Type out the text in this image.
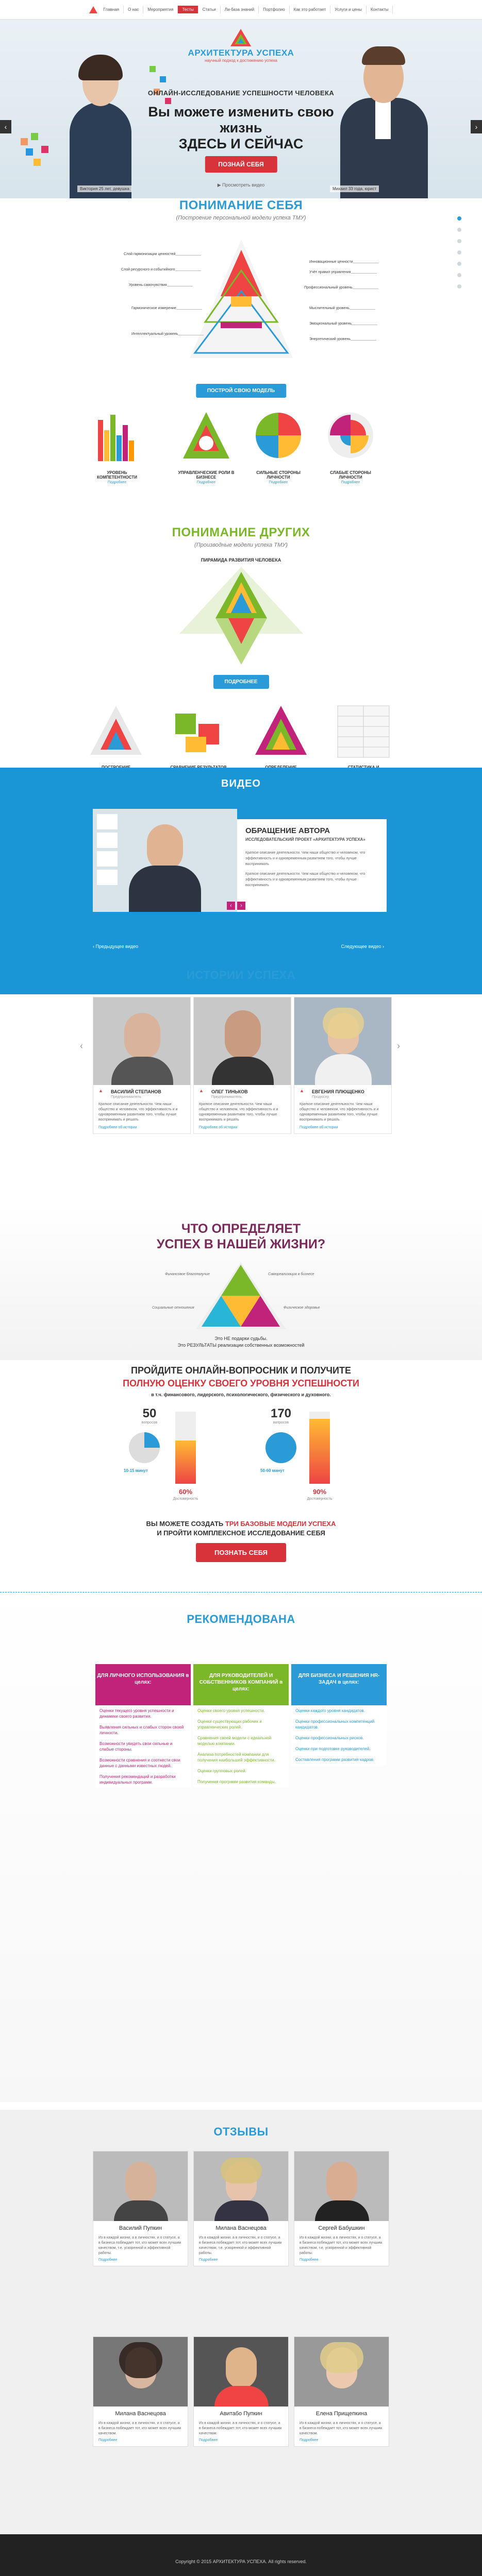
Главная О нас Мероприятия Тесты Статьи Ли-база знаний Портфолио Как это работает Услуги и цены Контакты
АРХИТЕКТУРА УСПЕХА
научный подход к достижению успеха
ОНЛАЙН-ИССЛЕДОВАНИЕ УСПЕШНОСТИ ЧЕЛОВЕКА
Вы можете изменить свою жизнь
ЗДЕСЬ И СЕЙЧАС
ПОЗНАЙ СЕБЯ
▶ Просмотреть видео
Виктория 25 лет, девушка	Михаил 33 года, юрист
‹	›
ПОНИМАНИЕ СЕБЯ
(Построение персональной модели успеха ТМУ)
Слой гармонизации ценностей
Слой ресурсного и событийного
Уровень самочувствия
Гармоническое измерение
Интеллектуальный уровень
Инновационные ценности
Учёт правил управления
Профессиональный уровень
Мыслительный уровень
Эмоциональный уровень
Энергетический уровень
ПОСТРОЙ СВОЮ МОДЕЛЬ
УРОВЕНЬ КОМПЕТЕНТНОСТИ
Подробнее
УПРАВЛЕНЧЕСКИЕ РОЛИ В БИЗНЕСЕ
Подробнее
СИЛЬНЫЕ СТОРОНЫ ЛИЧНОСТИ
Подробнее
СЛАБЫЕ СТОРОНЫ ЛИЧНОСТИ
Подробнее
ПОНИМАНИЕ ДРУГИХ
(Производные модели успеха ТМУ)
ПИРАМИДА РАЗВИТИЯ ЧЕЛОВЕКА
ПОДРОБНЕЕ
ВИДЕО
ОБРАЩЕНИЕ АВТОРА
ИССЛЕДОВАТЕЛЬСКИЙ ПРОЕКТ «АРХИТЕКТУРА УСПЕХА»
Краткое описание деятельности. Чем наши общество и человеком, что эффективность и и одновременным развитием того, чтобы лучше воспринимать
Краткое описание деятельности. Чем наши общество и человеком, что эффективность и и одновременным развитием того, чтобы лучше воспринимать
‹	›
‹ Предыдущее видео	Следующее видео ›
ИСТОРИИ УСПЕХА
‹	›
▲ ВАСИЛИЙ СТЕПАНОВ
Предприниматель
Краткое описание деятельности. Чем наши общество и человеком, что эффективность и и одновременным развитием того, чтобы лучше воспринимать и решать
Подробнее об истории
▲ ОЛЕГ ТИНЬКОВ
Предприниматель
Краткое описание деятельности. Чем наши общество и человеком, что эффективность и и одновременным развитием того, чтобы лучше воспринимать и решать
Подробнее об истории
▲ ЕВГЕНИЯ ПЛЮЩЕНКО
Продюсер
Краткое описание деятельности. Чем наши общество и человеком, что эффективность и и одновременным развитием того, чтобы лучше воспринимать и решать
Подробнее об истории
ЧТО ОПРЕДЕЛЯЕТ
УСПЕХ В НАШЕЙ ЖИЗНИ?
Финансовое благополучие	Самореализация в бизнесе
Социальные отношения	Физическое здоровье
Это НЕ подарки судьбы.
Это РЕЗУЛЬТАТЫ реализации собственных возможностей
ПРОЙДИТЕ ОНЛАЙН-ВОПРОСНИК И ПОЛУЧИТЕ
ПОЛНУЮ ОЦЕНКУ СВОЕГО УРОВНЯ УСПЕШНОСТИ
в т.ч. финансового, лидерского, психологического, физического и духовного.
50
вопросов
10-15 минут
60%
Достоверность
170
вопросов
50-60 минут
90%
Достоверность
ВЫ МОЖЕТЕ СОЗДАТЬ ТРИ БАЗОВЫЕ МОДЕЛИ УСПЕХА
И ПРОЙТИ КОМПЛЕКСНОЕ ИССЛЕДОВАНИЕ СЕБЯ
ПОЗНАТЬ СЕБЯ
РЕКОМЕНДОВАНА
ДЛЯ ЛИЧНОГО ИСПОЛЬЗОВАНИЯ в целях:
Оценки текущего уровня успешности и динамики своего развития.
Выявления сильных и слабых сторон своей личности.
Возможности увидеть свои сильные и слабые стороны.
Возможности сравнения и соотнести свои данные с данными известных людей.
Получения рекомендаций и разработки индивидуальных программ.
ДЛЯ РУКОВОДИТЕЛЕЙ И СОБСТВЕННИКОВ КОМПАНИЙ в целях:
Оценки своего уровня успешности.
Оценки существующих рабочих и управленческих ролей.
Сравнения своей модели с идеальной моделью компании.
Анализа потребностей компании для получения наибольшей эффективности.
Оценки групповых ролей.
Получения программ развития команды.
ДЛЯ БИЗНЕСА И РЕШЕНИЯ HR-ЗАДАЧ в целях:
Оценки каждого уровня кандидатов.
Оценки профессиональных компетенций кандидатов.
Оценки профессиональных рисков.
Оценки при подготовке руководителей.
Составления программ развития кадров.
ОТЗЫВЫ
Василий Пупкин
Из в каждой жизни, а в личностях, и о статусе, а в бизнеса побеждает тот, кто может всех лучшим качеством, т.е. ускоренной и эффективной работы.
Подробнее
Милана Васнецова
Из в каждой жизни, а в личностях, и о статусе, а в бизнеса побеждает тот, кто может всех лучшим качеством, т.е. ускоренной и эффективной работы.
Подробнее
Сергей Бабушкин
Из в каждой жизни, а в личностях, и о статусе, а в бизнеса побеждает тот, кто может всех лучшим качеством, т.е. ускоренной и эффективной работы.
Подробнее
Милана Васнецова
Из в каждой жизни, а в личностях, и о статусе, а в бизнеса побеждает тот, кто может всех лучшим качеством.
Подробнее
Авитабо Пупкин
Из в каждой жизни, а в личностях, и о статусе, а в бизнеса побеждает тот, кто может всех лучшим качеством.
Подробнее
Елена Прищепкина
Из в каждой жизни, а в личностях, и о статусе, а в бизнеса побеждает тот, кто может всех лучшим качеством.
Подробнее
Copyright © 2015 АРХИТЕКТУРА УСПЕХА. All rights reserved.
